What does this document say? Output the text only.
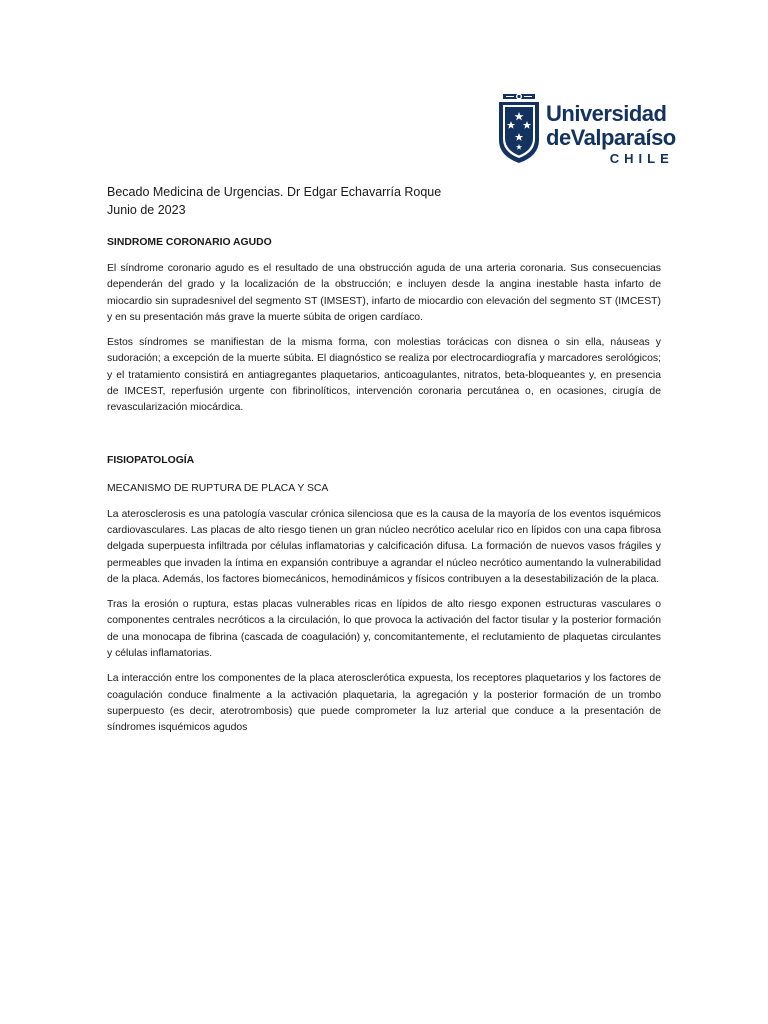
Universidad
deValparaíso
CHILE

Becado Medicina de Urgencias. Dr Edgar Echavarría Roque

Junio de 2023

SINDROME CORONARIO AGUDO

El síndrome coronario agudo es el resultado de una obstrucción aguda de una arteria coronaria. Sus consecuencias dependerán del grado y la localización de la obstrucción; e incluyen desde la angina inestable hasta infarto de miocardio sin supradesnivel del segmento ST (IMSEST), infarto de miocardio con elevación del segmento ST (IMCEST) y en su presentación más grave la muerte súbita de origen cardíaco.

Estos síndromes se manifiestan de la misma forma, con molestias torácicas con disnea o sin ella, náuseas y sudoración; a excepción de la muerte súbita. El diagnóstico se realiza por electrocardiografía y marcadores serológicos; y el tratamiento consistirá en antiagregantes plaquetarios, anticoagulantes, nitratos, beta-bloqueantes y, en presencia de IMCEST, reperfusión urgente con fibrinolíticos, intervención coronaria percutánea o, en ocasiones, cirugía de revascularización miocárdica.

FISIOPATOLOGÍA

MECANISMO DE RUPTURA DE PLACA Y SCA

La aterosclerosis es una patología vascular crónica silenciosa que es la causa de la mayoría de los eventos isquémicos cardiovasculares. Las placas de alto riesgo tienen un gran núcleo necrótico acelular rico en lípidos con una capa fibrosa delgada superpuesta infiltrada por células inflamatorias y calcificación difusa. La formación de nuevos vasos frágiles y permeables que invaden la íntima en expansión contribuye a agrandar el núcleo necrótico aumentando la vulnerabilidad de la placa. Además, los factores biomecánicos, hemodinámicos y físicos contribuyen a la desestabilización de la placa.

Tras la erosión o ruptura, estas placas vulnerables ricas en lípidos de alto riesgo exponen estructuras vasculares o componentes centrales necróticos a la circulación, lo que provoca la activación del factor tisular y la posterior formación de una monocapa de fibrina (cascada de coagulación) y, concomitantemente, el reclutamiento de plaquetas circulantes y células inflamatorias.

La interacción entre los componentes de la placa aterosclerótica expuesta, los receptores plaquetarios y los factores de coagulación conduce finalmente a la activación plaquetaria, la agregación y la posterior formación de un trombo superpuesto (es decir, aterotrombosis) que puede comprometer la luz arterial que conduce a la presentación de síndromes isquémicos agudos
